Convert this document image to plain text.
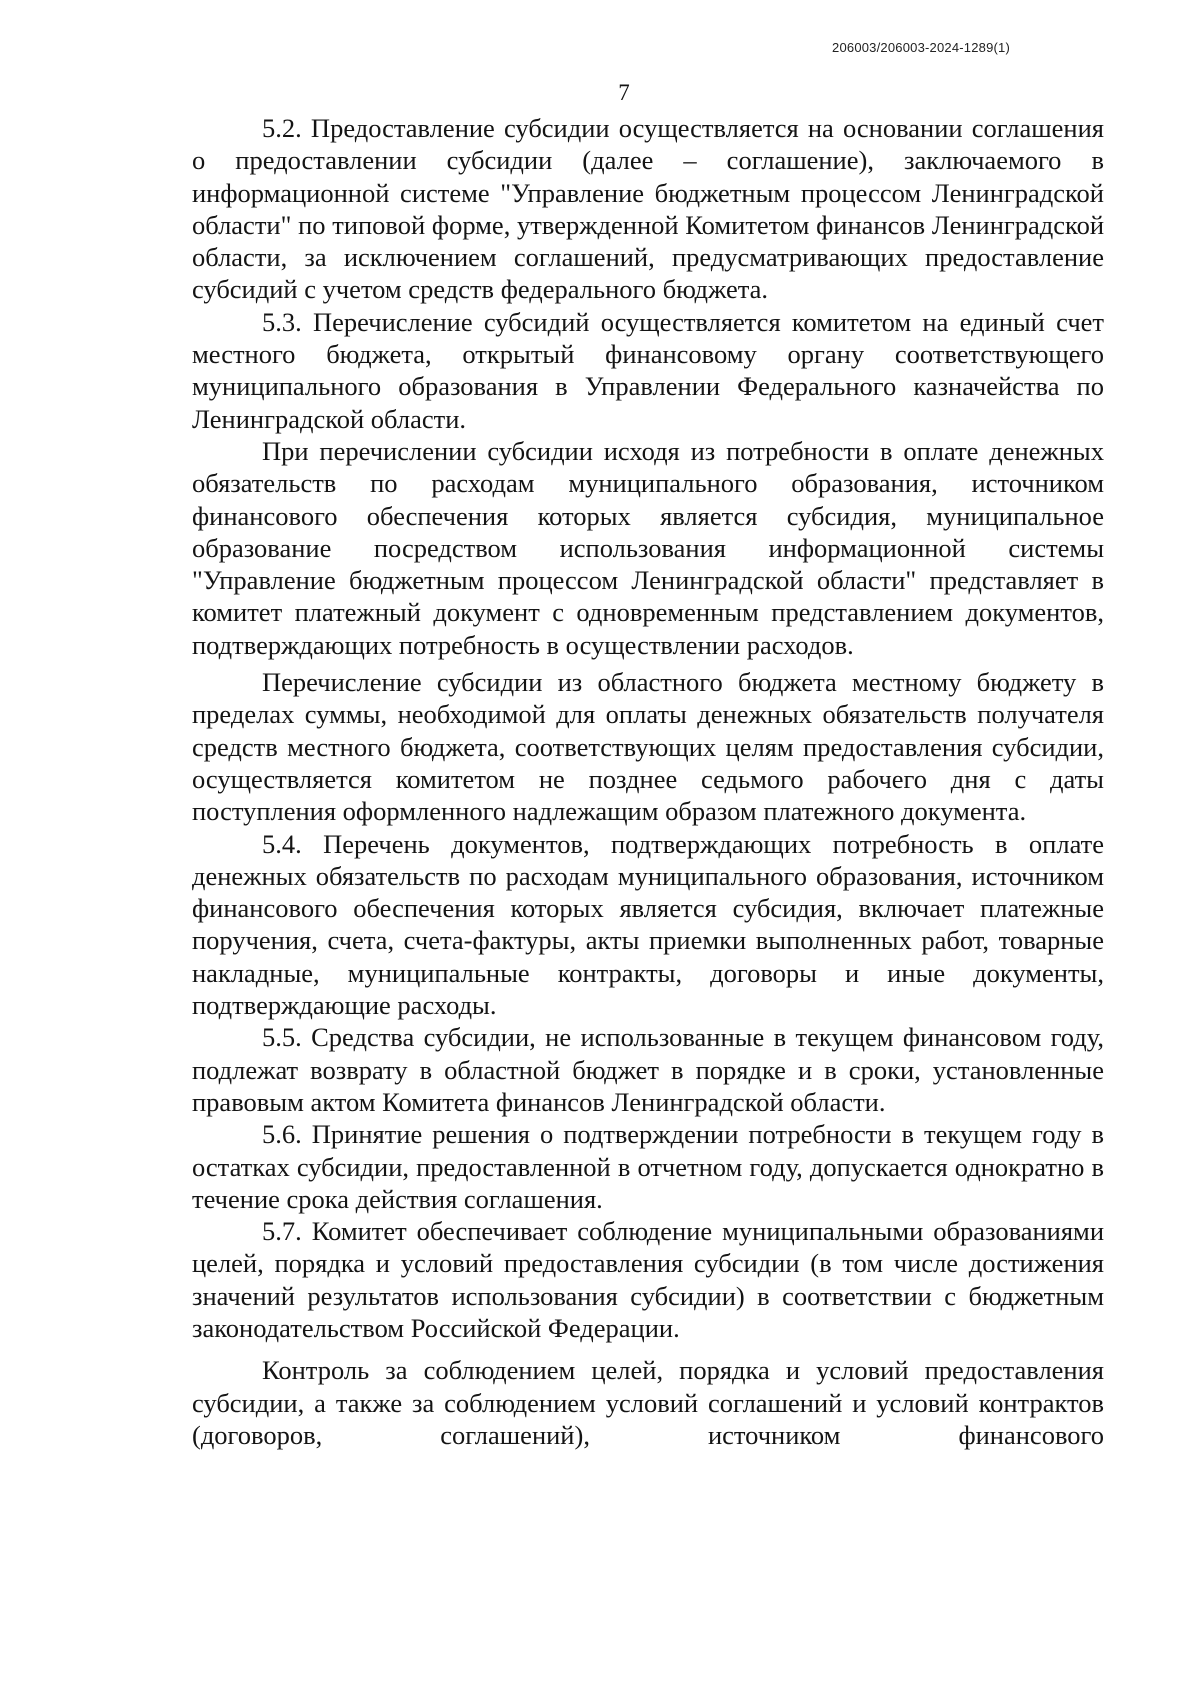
206003/206003-2024-1289(1)
7

5.2. Предоставление субсидии осуществляется на основании соглашения о предоставлении субсидии (далее – соглашение), заключаемого в информационной системе "Управление бюджетным процессом Ленинградской области" по типовой форме, утвержденной Комитетом финансов Ленинградской области, за исключением соглашений, предусматривающих предоставление субсидий с учетом средств федерального бюджета.

5.3. Перечисление субсидий осуществляется комитетом на единый счет местного бюджета, открытый финансовому органу соответствующего муниципального образования в Управлении Федерального казначейства по Ленинградской области.

При перечислении субсидии исходя из потребности в оплате денежных обязательств по расходам муниципального образования, источником финансового обеспечения которых является субсидия, муниципальное образование посредством использования информационной системы "Управление бюджетным процессом Ленинградской области" представляет в комитет платежный документ с одновременным представлением документов, подтверждающих потребность в осуществлении расходов.

Перечисление субсидии из областного бюджета местному бюджету в пределах суммы, необходимой для оплаты денежных обязательств получателя средств местного бюджета, соответствующих целям предоставления субсидии, осуществляется комитетом не позднее седьмого рабочего дня с даты поступления оформленного надлежащим образом платежного документа.

5.4. Перечень документов, подтверждающих потребность в оплате денежных обязательств по расходам муниципального образования, источником финансового обеспечения которых является субсидия, включает платежные поручения, счета, счета-фактуры, акты приемки выполненных работ, товарные накладные, муниципальные контракты, договоры и иные документы, подтверждающие расходы.

5.5. Средства субсидии, не использованные в текущем финансовом году, подлежат возврату в областной бюджет в порядке и в сроки, установленные правовым актом Комитета финансов Ленинградской области.

5.6. Принятие решения о подтверждении потребности в текущем году в остатках субсидии, предоставленной в отчетном году, допускается однократно в течение срока действия соглашения.

5.7. Комитет обеспечивает соблюдение муниципальными образованиями целей, порядка и условий предоставления субсидии (в том числе достижения значений результатов использования субсидии) в соответствии с бюджетным законодательством Российской Федерации.

Контроль за соблюдением целей, порядка и условий предоставления субсидии, а также за соблюдением условий соглашений и условий контрактов (договоров, соглашений), источником финансового
